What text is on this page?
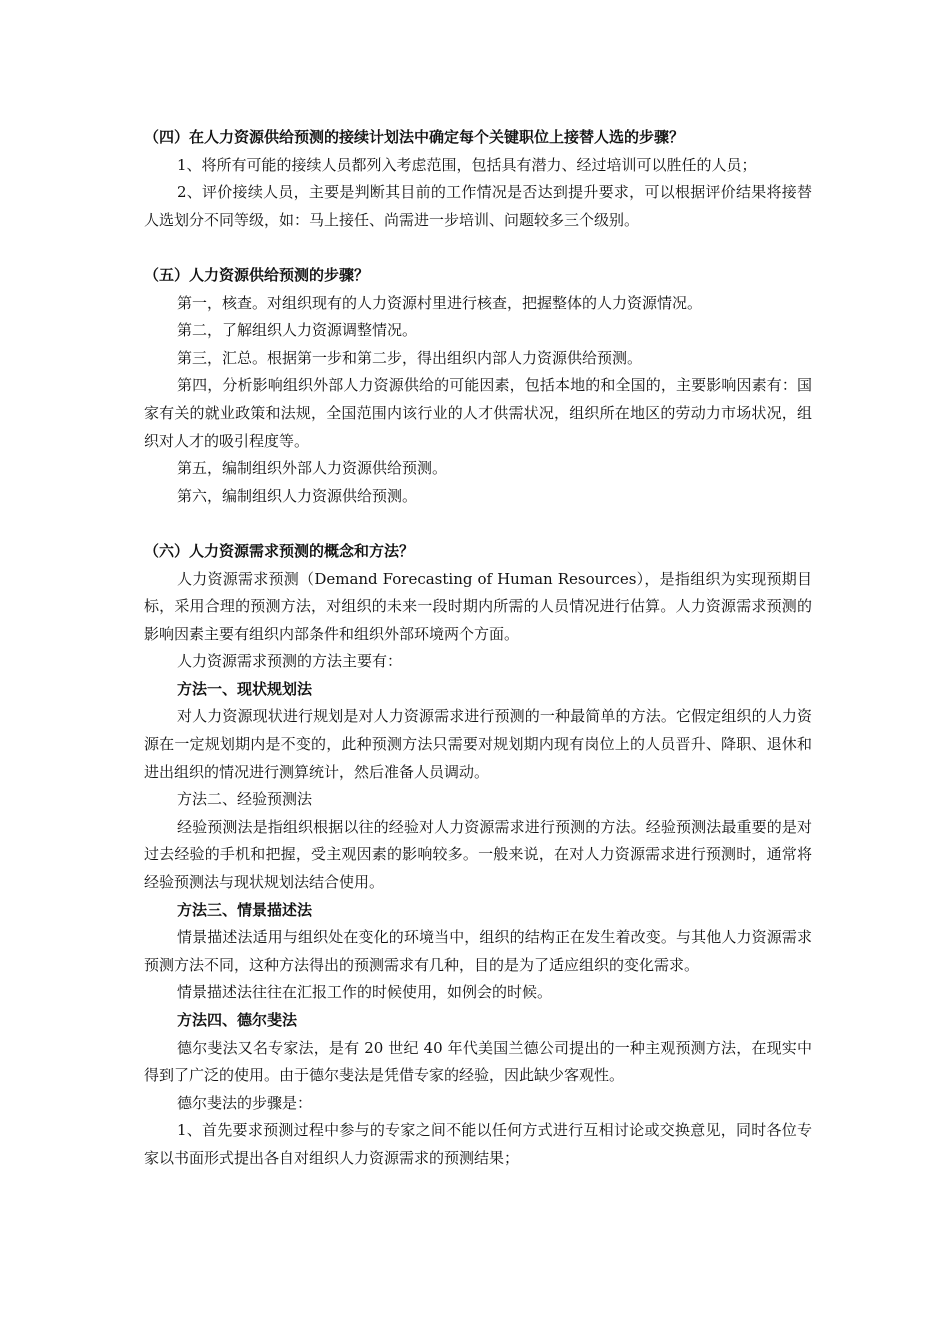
（四）在人力资源供给预测的接续计划法中确定每个关键职位上接替人选的步骤？

1、将所有可能的接续人员都列入考虑范围，包括具有潜力、经过培训可以胜任的人员；

2、评价接续人员，主要是判断其目前的工作情况是否达到提升要求，可以根据评价结果将接替人选划分不同等级，如：马上接任、尚需进一步培训、问题较多三个级别。

（五）人力资源供给预测的步骤？

第一，核查。对组织现有的人力资源村里进行核查，把握整体的人力资源情况。

第二，了解组织人力资源调整情况。

第三，汇总。根据第一步和第二步，得出组织内部人力资源供给预测。

第四，分析影响组织外部人力资源供给的可能因素，包括本地的和全国的，主要影响因素有：国家有关的就业政策和法规，全国范围内该行业的人才供需状况，组织所在地区的劳动力市场状况，组织对人才的吸引程度等。

第五，编制组织外部人力资源供给预测。

第六，编制组织人力资源供给预测。

（六）人力资源需求预测的概念和方法？

人力资源需求预测（Demand Forecasting of Human Resources），是指组织为实现预期目标，采用合理的预测方法，对组织的未来一段时期内所需的人员情况进行估算。人力资源需求预测的影响因素主要有组织内部条件和组织外部环境两个方面。

人力资源需求预测的方法主要有：

方法一、现状规划法

对人力资源现状进行规划是对人力资源需求进行预测的一种最简单的方法。它假定组织的人力资源在一定规划期内是不变的，此种预测方法只需要对规划期内现有岗位上的人员晋升、降职、退休和进出组织的情况进行测算统计，然后准备人员调动。

方法二、经验预测法

经验预测法是指组织根据以往的经验对人力资源需求进行预测的方法。经验预测法最重要的是对过去经验的手机和把握，受主观因素的影响较多。一般来说，在对人力资源需求进行预测时，通常将经验预测法与现状规划法结合使用。

方法三、情景描述法

情景描述法适用与组织处在变化的环境当中，组织的结构正在发生着改变。与其他人力资源需求预测方法不同，这种方法得出的预测需求有几种，目的是为了适应组织的变化需求。

情景描述法往往在汇报工作的时候使用，如例会的时候。

方法四、德尔斐法

德尔斐法又名专家法，是有 20 世纪 40 年代美国兰德公司提出的一种主观预测方法，在现实中得到了广泛的使用。由于德尔斐法是凭借专家的经验，因此缺少客观性。

德尔斐法的步骤是：

1、首先要求预测过程中参与的专家之间不能以任何方式进行互相讨论或交换意见，同时各位专家以书面形式提出各自对组织人力资源需求的预测结果；
